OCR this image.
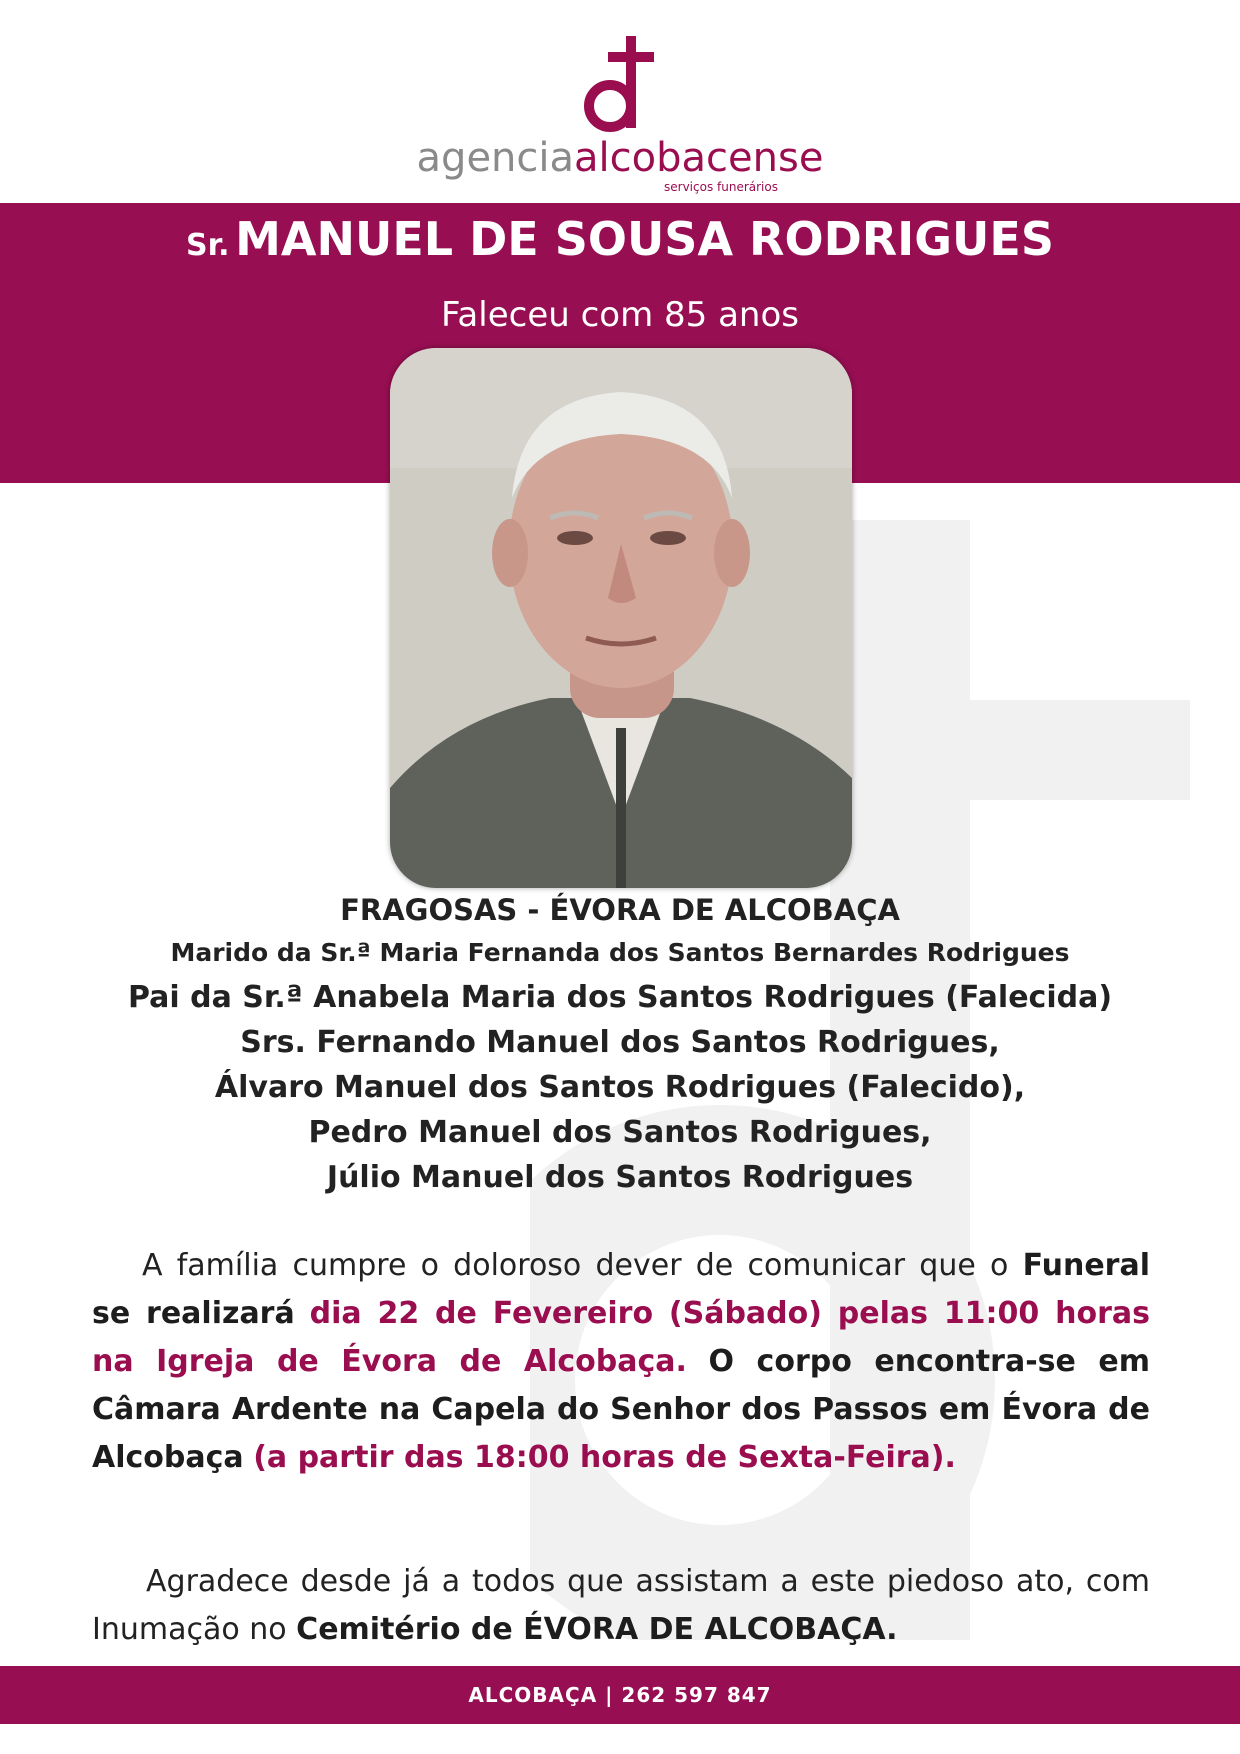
agenciaalcobacense
serviços funerários
Sr. MANUEL DE SOUSA RODRIGUES
Faleceu com 85 anos
FRAGOSAS - ÉVORA DE ALCOBAÇA
Marido da Sr.ª Maria Fernanda dos Santos Bernardes Rodrigues
Pai da Sr.ª Anabela Maria dos Santos Rodrigues (Falecida)
Srs. Fernando Manuel dos Santos Rodrigues,
Álvaro Manuel dos Santos Rodrigues (Falecido),
Pedro Manuel dos Santos Rodrigues,
Júlio Manuel dos Santos Rodrigues
A família cumpre o doloroso dever de comunicar que o Funeral se realizará dia 22 de Fevereiro (Sábado) pelas 11:00 horas na Igreja de Évora de Alcobaça. O corpo encontra-se em Câmara Ardente na Capela do Senhor dos Passos em Évora de Alcobaça (a partir das 18:00 horas de Sexta-Feira).
Agradece desde já a todos que assistam a este piedoso ato, com Inumação no Cemitério de ÉVORA DE ALCOBAÇA.
ALCOBAÇA | 262 597 847
